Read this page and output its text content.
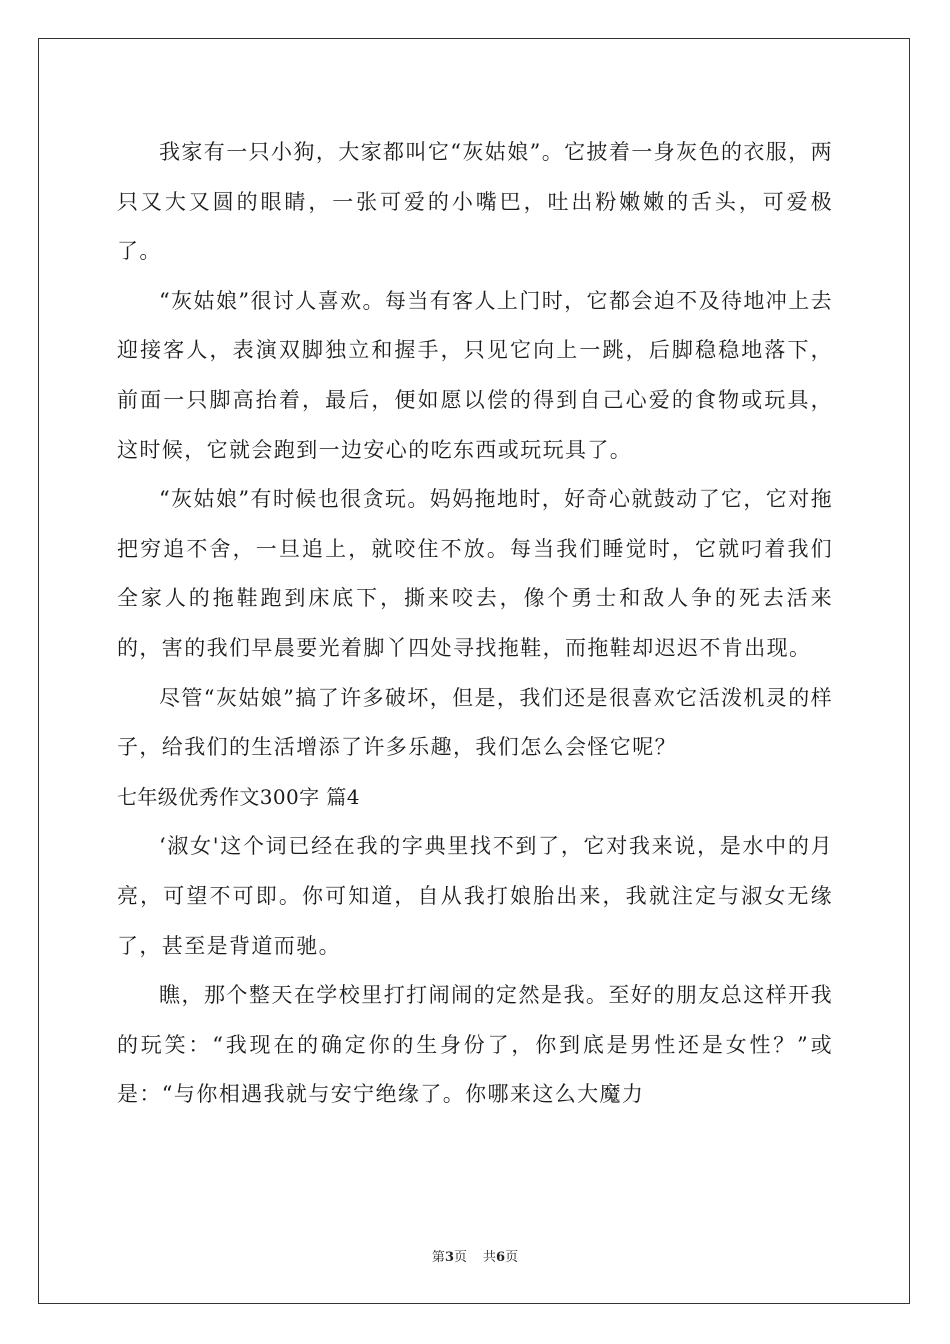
我家有一只小狗，大家都叫它“灰姑娘”。它披着一身灰色的衣服，两只又大又圆的眼睛，一张可爱的小嘴巴，吐出粉嫩嫩的舌头，可爱极了。

“灰姑娘”很讨人喜欢。每当有客人上门时，它都会迫不及待地冲上去迎接客人，表演双脚独立和握手，只见它向上一跳，后脚稳稳地落下，前面一只脚高抬着，最后，便如愿以偿的得到自己心爱的食物或玩具，这时候，它就会跑到一边安心的吃东西或玩玩具了。

“灰姑娘”有时候也很贪玩。妈妈拖地时，好奇心就鼓动了它，它对拖把穷追不舍，一旦追上，就咬住不放。每当我们睡觉时，它就叼着我们全家人的拖鞋跑到床底下，撕来咬去，像个勇士和敌人争的死去活来的，害的我们早晨要光着脚丫四处寻找拖鞋，而拖鞋却迟迟不肯出现。

尽管“灰姑娘”搞了许多破坏，但是，我们还是很喜欢它活泼机灵的样子，给我们的生活增添了许多乐趣，我们怎么会怪它呢？

七年级优秀作文300字 篇4

‘淑女'这个词已经在我的字典里找不到了，它对我来说，是水中的月亮，可望不可即。你可知道，自从我打娘胎出来，我就注定与淑女无缘了，甚至是背道而驰。

瞧，那个整天在学校里打打闹闹的定然是我。至好的朋友总这样开我的玩笑：“我现在的确定你的生身份了，你到底是男性还是女性？”或是：“与你相遇我就与安宁绝缘了。你哪来这么大魔力

第3页 共6页
